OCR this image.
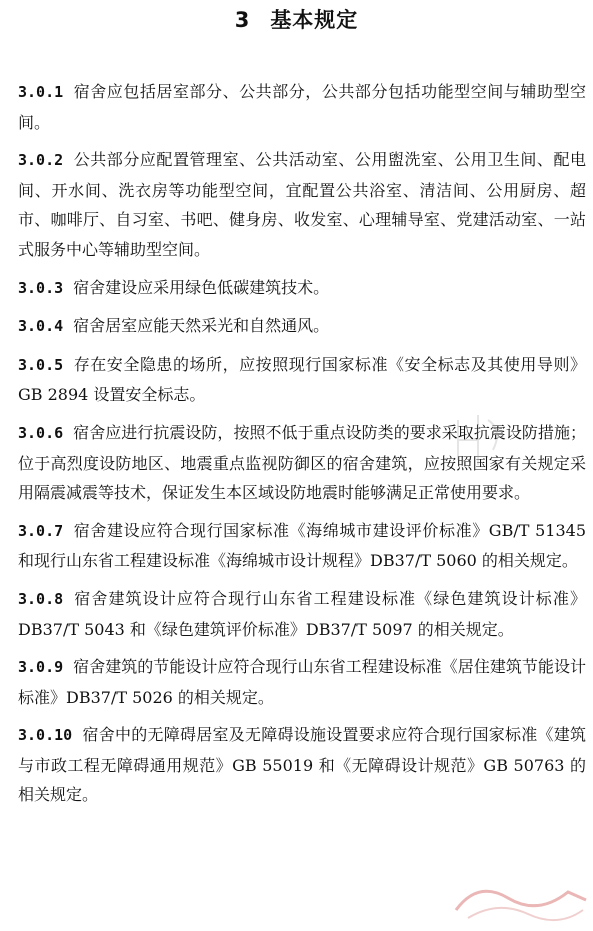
3 基本规定

3.0.1 宿舍应包括居室部分、公共部分，公共部分包括功能型空间与辅助型空间。

3.0.2 公共部分应配置管理室、公共活动室、公用盥洗室、公用卫生间、配电间、开水间、洗衣房等功能型空间，宜配置公共浴室、清洁间、公用厨房、超市、咖啡厅、自习室、书吧、健身房、收发室、心理辅导室、党建活动室、一站式服务中心等辅助型空间。

3.0.3 宿舍建设应采用绿色低碳建筑技术。

3.0.4 宿舍居室应能天然采光和自然通风。

3.0.5 存在安全隐患的场所，应按照现行国家标准《安全标志及其使用导则》GB 2894 设置安全标志。

3.0.6 宿舍应进行抗震设防，按照不低于重点设防类的要求采取抗震设防措施；位于高烈度设防地区、地震重点监视防御区的宿舍建筑，应按照国家有关规定采用隔震减震等技术，保证发生本区域设防地震时能够满足正常使用要求。

3.0.7 宿舍建设应符合现行国家标准《海绵城市建设评价标准》GB/T 51345 和现行山东省工程建设标准《海绵城市设计规程》DB37/T 5060 的相关规定。

3.0.8 宿舍建筑设计应符合现行山东省工程建设标准《绿色建筑设计标准》DB37/T 5043 和《绿色建筑评价标准》DB37/T 5097 的相关规定。

3.0.9 宿舍建筑的节能设计应符合现行山东省工程建设标准《居住建筑节能设计标准》DB37/T 5026 的相关规定。

3.0.10 宿舍中的无障碍居室及无障碍设施设置要求应符合现行国家标准《建筑与市政工程无障碍通用规范》GB 55019 和《无障碍设计规范》GB 50763 的相关规定。
